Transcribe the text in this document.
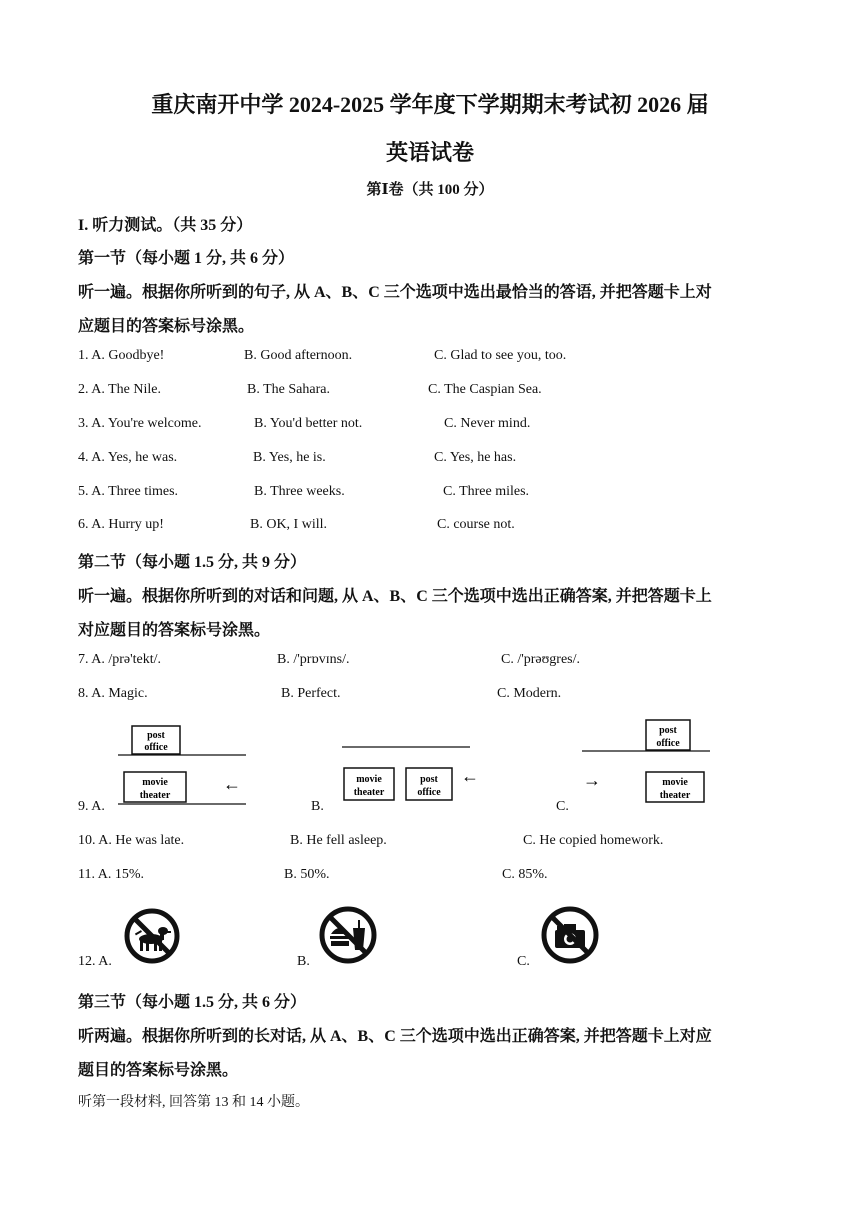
重庆南开中学 2024-2025 学年度下学期期末考试初 2026 届
英语试卷
第Ⅰ卷（共 100 分）
I. 听力测试。（共 35 分）
第一节（每小题 1 分, 共 6 分）
听一遍。根据你所听到的句子, 从 A、B、C 三个选项中选出最恰当的答语, 并把答题卡上对
应题目的答案标号涂黑。
1. A. Goodbye!	B. Good afternoon.	C. Glad to see you, too.
2. A. The Nile.	B. The Sahara.	C. The Caspian Sea.
3. A. You're welcome.	B. You'd better not.	C. Never mind.
4. A. Yes, he was.	B. Yes, he is.	C. Yes, he has.
5. A. Three times.	B. Three weeks.	C. Three miles.
6. A. Hurry up!	B. OK, I will.	C. course not.
第二节（每小题 1.5 分, 共 9 分）
听一遍。根据你所听到的对话和问题, 从 A、B、C 三个选项中选出正确答案, 并把答题卡上
对应题目的答案标号涂黑。
7. A. /prə'tekt/.	B. /'prɒvɪns/.	C. /'prəʊgres/.
8. A. Magic.	B. Perfect.	C. Modern.
9. A.	B.	C.
post
office
movie
theater
←	movie
theater
post
office
←
post
office
→	movie
theater
10. A. He was late.	B. He fell asleep.	C. He copied homework.
11. A. 15%.	B. 50%.	C. 85%.
12. A.	B.	C.
第三节（每小题 1.5 分, 共 6 分）
听两遍。根据你所听到的长对话, 从 A、B、C 三个选项中选出正确答案, 并把答题卡上对应
题目的答案标号涂黑。
听第一段材料, 回答第 13 和 14 小题。
